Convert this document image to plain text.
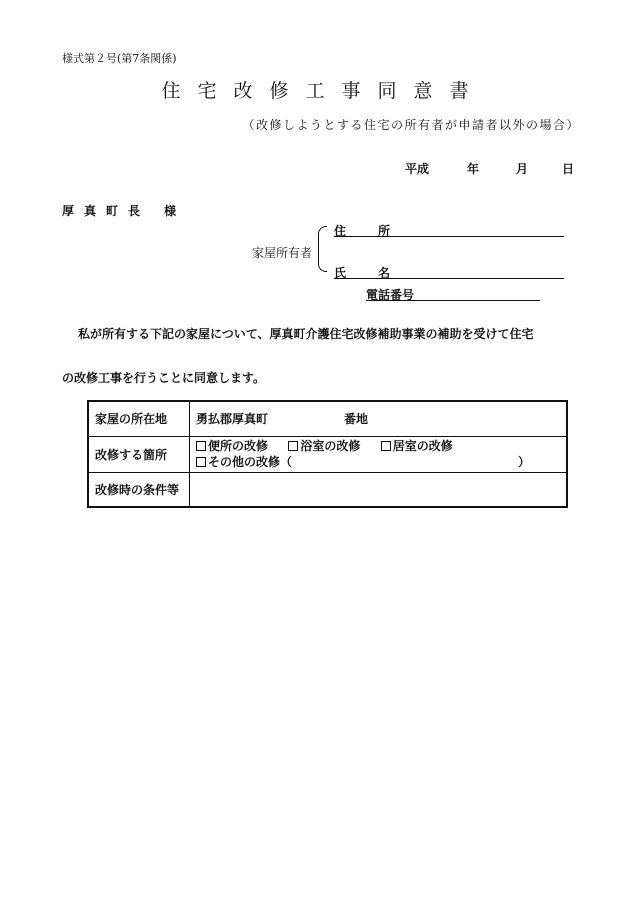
様式第２号(第7条関係)
住宅改修工事同意書
（改修しようとする住宅の所有者が申請者以外の場合）
平成	年	月	日
厚真町長 様
家屋所有者
住　所
氏　名
電話番号
私が所有する下記の家屋について、厚真町介護住宅改修補助事業の補助を受けて住宅
の改修工事を行うことに同意します。
家屋の所在地	勇払郡厚真町 番地
改修する箇所	便所の改修 浴室の改修 居室の改修
その他の改修（ ）

改修時の条件等	
